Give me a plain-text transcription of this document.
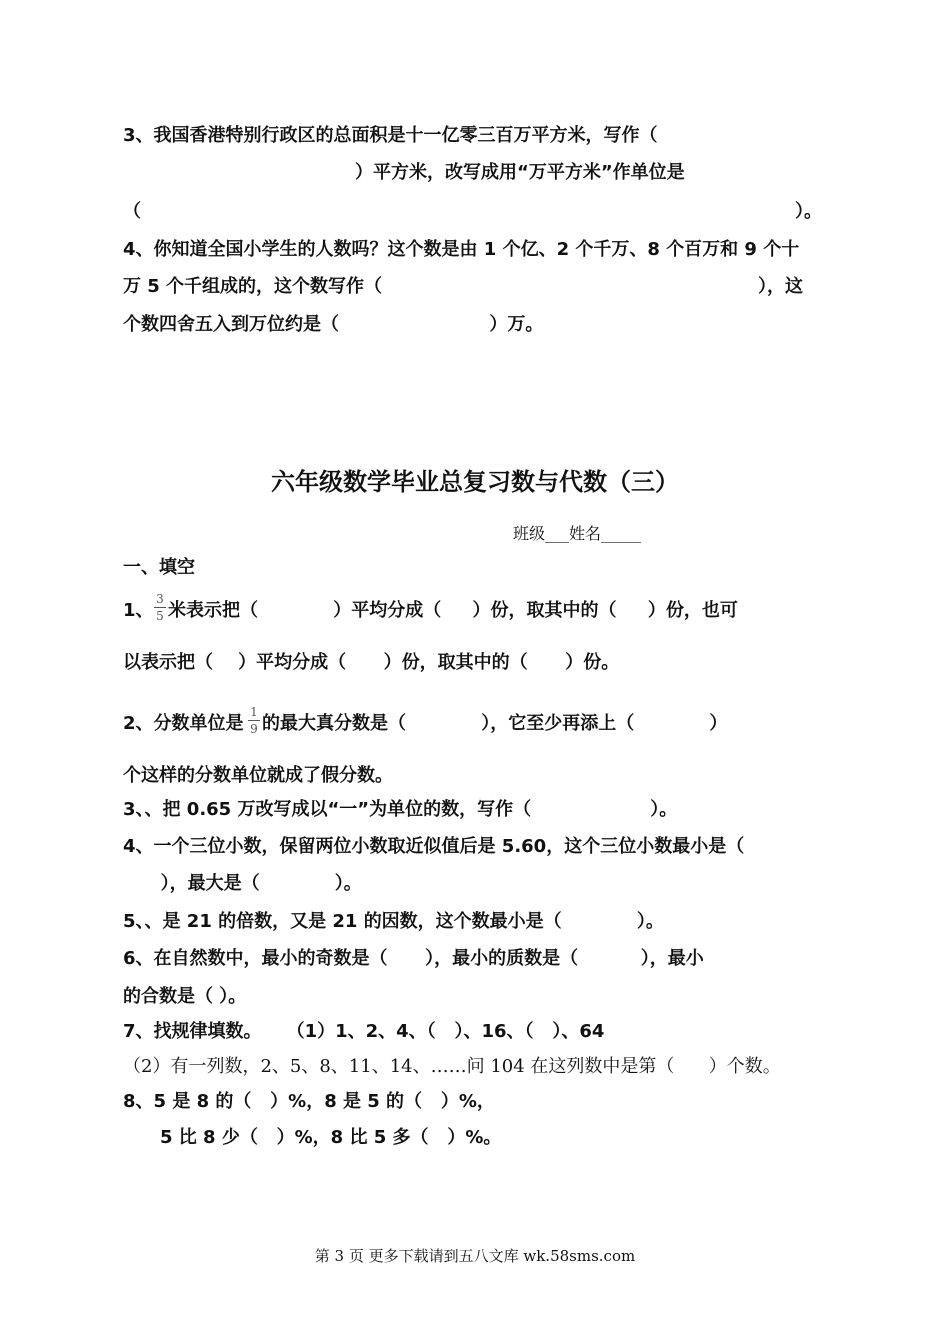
3、我国香港特别行政区的总面积是十一亿零三百万平方米，写作（
）平方米，改写成用“万平方米”作单位是
（	）。
4、你知道全国小学生的人数吗？这个数是由 1 个亿、2 个千万、8 个百万和 9 个十
万 5 个千组成的，这个数写作（	），这
个数四舍五入到万位约是（                        ）万。
六年级数学毕业总复习数与代数（三）
班级___姓名_____
一、填空
1、
3
5 米表示把（            ）平均分成（     ）份，取其中的（     ）份，也可
以表示把（    ）平均分成（      ）份，取其中的（      ）份。
2、分数单位是
1
9 的最大真分数是（            ），它至少再添上（            ）
个这样的分数单位就成了假分数。
3、、把 0.65 万改写成以“一”为单位的数，写作（                   ）。
4、一个三位小数，保留两位小数取近似值后是 5.60，这个三位小数最小是（
），最大是（            ）。
5、、是 21 的倍数，又是 21 的因数，这个数最小是（            ）。
6、在自然数中，最小的奇数是（      ），最小的质数是（          ），最小
的合数是（ ）。
7、找规律填数。    （1）1、2、4、（   ）、16、（   ）、64
（2）有一列数，2、5、8、11、14、……问 104 在这列数中是第（      ）个数。
8、5 是 8 的（   ）%，8 是 5 的（   ）%，
5 比 8 少（   ）%，8 比 5 多（   ）%。
第 3 页 更多下载请到五八文库 wk.58sms.com
